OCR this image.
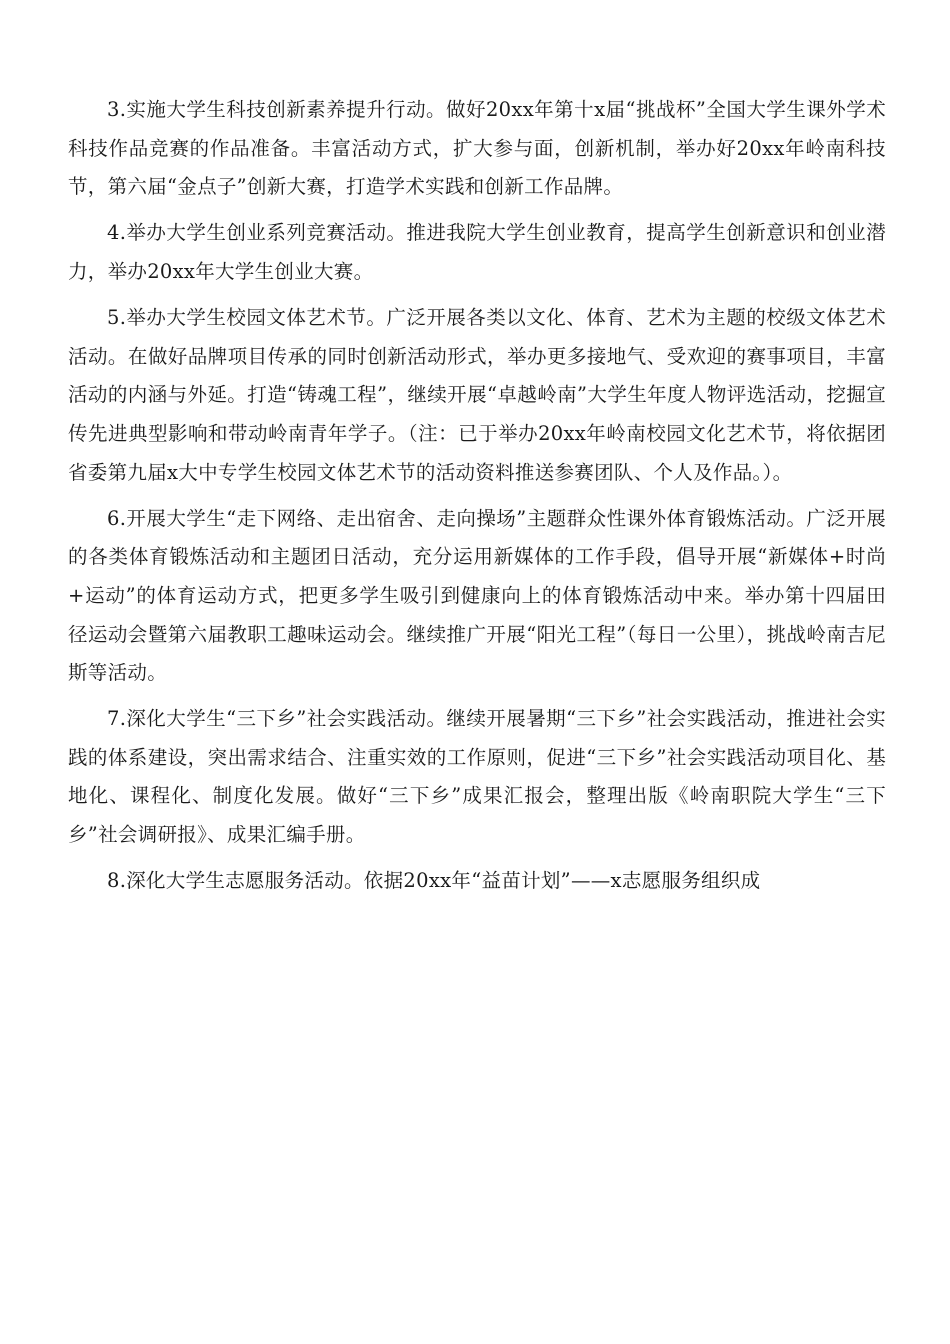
3.实施大学生科技创新素养提升行动。做好20xx年第十x届“挑战杯”全国大学生课外学术科技作品竞赛的作品准备。丰富活动方式，扩大参与面，创新机制，举办好20xx年岭南科技节，第六届“金点子”创新大赛，打造学术实践和创新工作品牌。

4.举办大学生创业系列竞赛活动。推进我院大学生创业教育，提高学生创新意识和创业潜力，举办20xx年大学生创业大赛。

5.举办大学生校园文体艺术节。广泛开展各类以文化、体育、艺术为主题的校级文体艺术活动。在做好品牌项目传承的同时创新活动形式，举办更多接地气、受欢迎的赛事项目，丰富活动的内涵与外延。打造“铸魂工程”，继续开展“卓越岭南”大学生年度人物评选活动，挖掘宣传先进典型影响和带动岭南青年学子。（注：已于举办20xx年岭南校园文化艺术节，将依据团省委第九届x大中专学生校园文体艺术节的活动资料推送参赛团队、个人及作品。）。

6.开展大学生“走下网络、走出宿舍、走向操场”主题群众性课外体育锻炼活动。广泛开展的各类体育锻炼活动和主题团日活动，充分运用新媒体的工作手段，倡导开展“新媒体+时尚+运动”的体育运动方式，把更多学生吸引到健康向上的体育锻炼活动中来。举办第十四届田径运动会暨第六届教职工趣味运动会。继续推广开展“阳光工程”（每日一公里），挑战岭南吉尼斯等活动。

7.深化大学生“三下乡”社会实践活动。继续开展暑期“三下乡”社会实践活动，推进社会实践的体系建设，突出需求结合、注重实效的工作原则，促进“三下乡”社会实践活动项目化、基地化、课程化、制度化发展。做好“三下乡”成果汇报会，整理出版《岭南职院大学生“三下乡”社会调研报》、成果汇编手册。

8.深化大学生志愿服务活动。依据20xx年“益苗计划”——x志愿服务组织成
